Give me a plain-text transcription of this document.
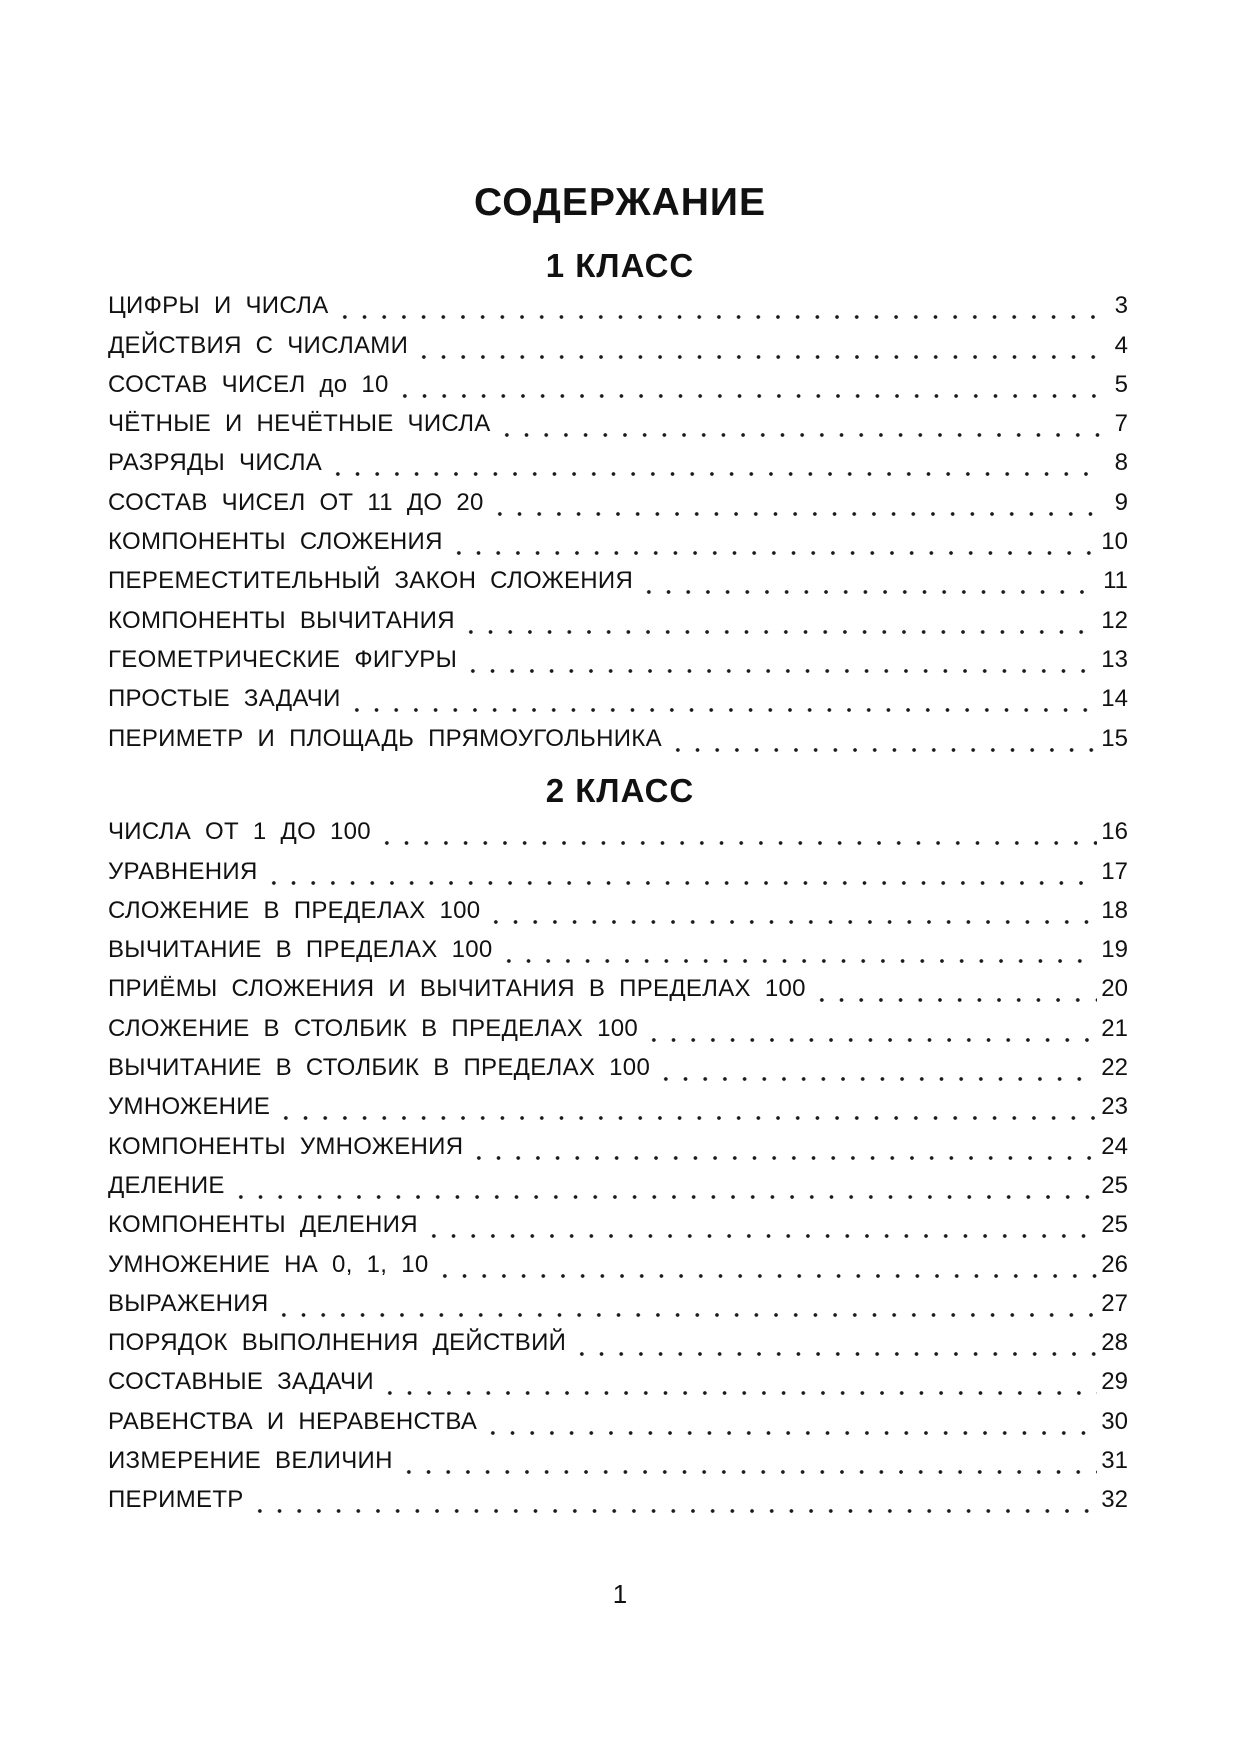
СОДЕРЖАНИЕ
1 КЛАСС
ЦИФРЫ И ЧИСЛА	3
ДЕЙСТВИЯ С ЧИСЛАМИ	4
СОСТАВ ЧИСЕЛ до 10	5
ЧЁТНЫЕ И НЕЧЁТНЫЕ ЧИСЛА	7
РАЗРЯДЫ ЧИСЛА	8
СОСТАВ ЧИСЕЛ ОТ 11 ДО 20	9
КОМПОНЕНТЫ СЛОЖЕНИЯ	10
ПЕРЕМЕСТИТЕЛЬНЫЙ ЗАКОН СЛОЖЕНИЯ	11
КОМПОНЕНТЫ ВЫЧИТАНИЯ	12
ГЕОМЕТРИЧЕСКИЕ ФИГУРЫ	13
ПРОСТЫЕ ЗАДАЧИ	14
ПЕРИМЕТР И ПЛОЩАДЬ ПРЯМОУГОЛЬНИКА	15
2 КЛАСС
ЧИСЛА ОТ 1 ДО 100	16
УРАВНЕНИЯ	17
СЛОЖЕНИЕ В ПРЕДЕЛАХ 100	18
ВЫЧИТАНИЕ В ПРЕДЕЛАХ 100	19
ПРИЁМЫ СЛОЖЕНИЯ И ВЫЧИТАНИЯ В ПРЕДЕЛАХ 100	20
СЛОЖЕНИЕ В СТОЛБИК В ПРЕДЕЛАХ 100	21
ВЫЧИТАНИЕ В СТОЛБИК В ПРЕДЕЛАХ 100	22
УМНОЖЕНИЕ	23
КОМПОНЕНТЫ УМНОЖЕНИЯ	24
ДЕЛЕНИЕ	25
КОМПОНЕНТЫ ДЕЛЕНИЯ	25
УМНОЖЕНИЕ НА 0, 1, 10	26
ВЫРАЖЕНИЯ	27
ПОРЯДОК ВЫПОЛНЕНИЯ ДЕЙСТВИЙ	28
СОСТАВНЫЕ ЗАДАЧИ	29
РАВЕНСТВА И НЕРАВЕНСТВА	30
ИЗМЕРЕНИЕ ВЕЛИЧИН	31
ПЕРИМЕТР	32
1
